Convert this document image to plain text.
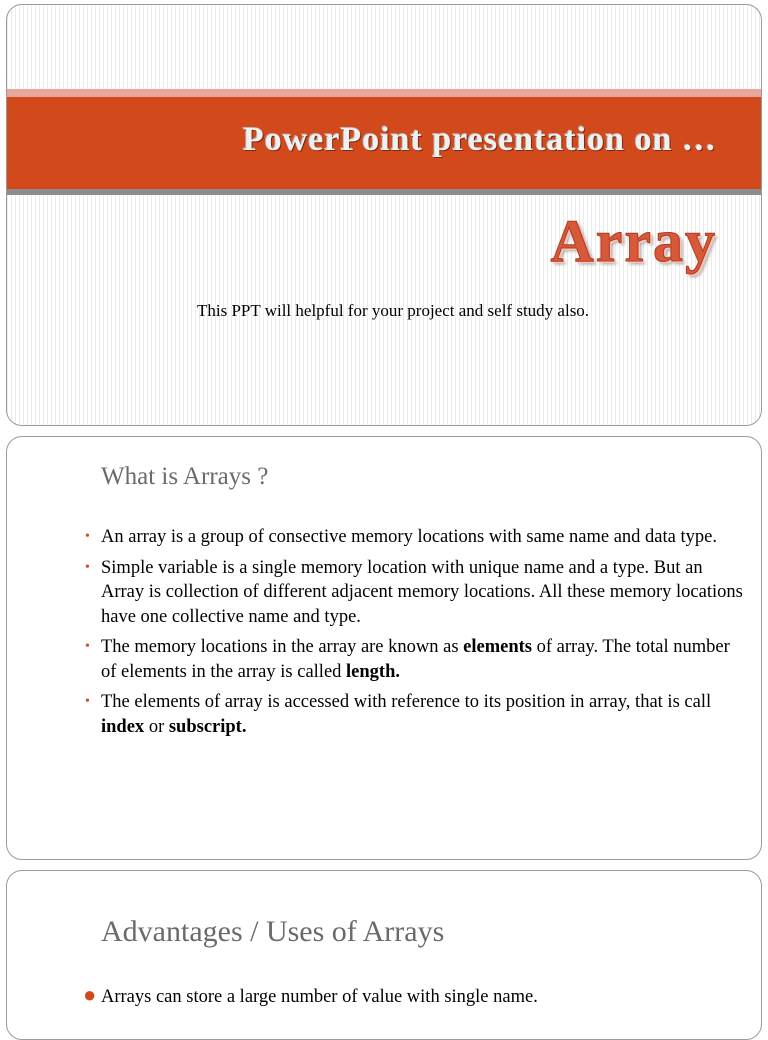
PowerPoint presentation on …
Array
This PPT will helpful for your project and self study also.
What is Arrays ?
• An array is a group of consective memory locations with same name and data type.
• Simple variable is a single memory location with unique name and a type. But an Array is collection of different adjacent memory locations. All these memory locations have one collective name and type.
• The memory locations in the array are known as elements of array. The total number of elements in the array is called length.
• The elements of array is accessed with reference to its position in array, that is call index or subscript.
Advantages / Uses of Arrays
● Arrays can store a large number of value with single name.
